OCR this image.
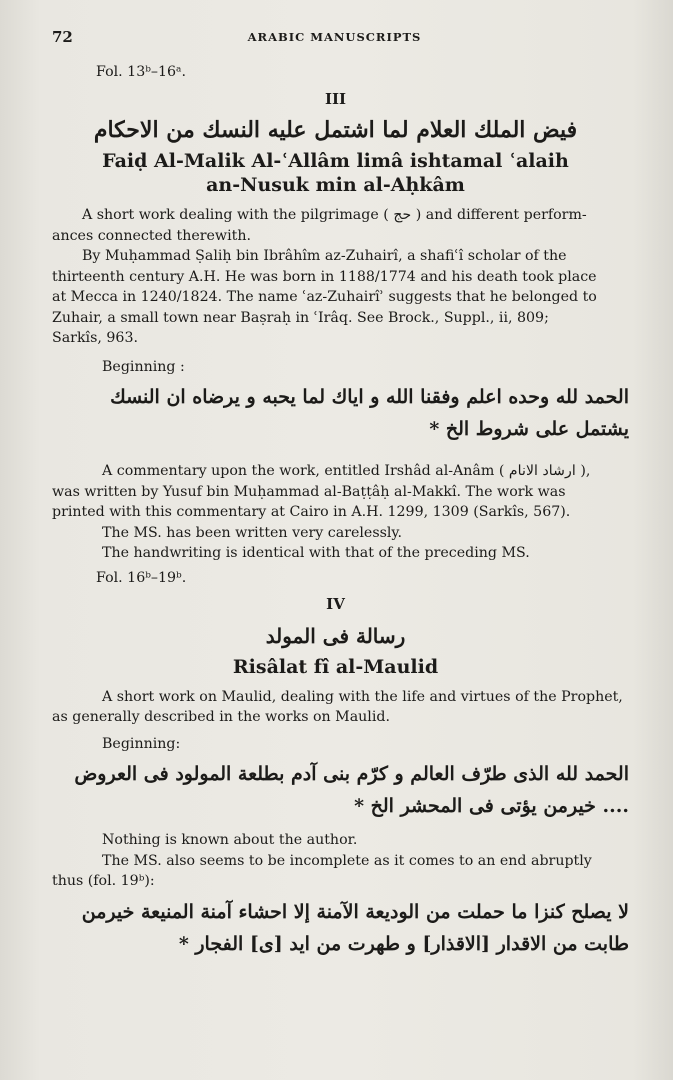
72	ARABIC MANUSCRIPTS
Fol. 13ᵇ–16ᵃ.
III
فيض الملك العلام لما اشتمل عليه النسك من الاحكام
Faiḍ Al-Malik Al-ʿAllâm limâ ishtamal ʿalaih
an-Nusuk min al-Aḥkâm
A short work dealing with the pilgrimage ( حج ) and different perform-
ances connected therewith.
By Muḥammad Ṣaliḥ bin Ibrâhîm az-Zuhairî, a shafiʿî scholar of the
thirteenth century A.H. He was born in 1188/1774 and his death took place
at Mecca in 1240/1824. The name ʿaz-Zuhairîʾ suggests that he belonged to
Zuhair, a small town near Baṣraḥ in ʿIrâq. See Brock., Suppl., ii, 809;
Sarkîs, 963.
Beginning :
الحمد لله وحده اعلم وفقنا الله و اياك لما يحبه و يرضاه ان النسك
يشتمل على شروط الخ *
A commentary upon the work, entitled Irshâd al-Anâm ( ارشاد الانام ),
was written by Yusuf bin Muḥammad al-Baṭṭâḥ al-Makkî. The work was
printed with this commentary at Cairo in A.H. 1299, 1309 (Sarkîs, 567).
The MS. has been written very carelessly.
The handwriting is identical with that of the preceding MS.
Fol. 16ᵇ–19ᵇ.
IV
رسالة فى المولد
Risâlat fî al-Maulid
A short work on Maulid, dealing with the life and virtues of the Prophet,
as generally described in the works on Maulid.
Beginning:
الحمد لله الذى طرّف العالم و كرّم بنى آدم بطلعة المولود فى العروض
.... خيرمن يؤتى فى المحشر الخ *
Nothing is known about the author.
The MS. also seems to be incomplete as it comes to an end abruptly
thus (fol. 19ᵇ):
لا يصلح كنزا ما حملت من الوديعة الآمنة إلا احشاء آمنة المنيعة خيرمن
طابت من الاقدار [الاقذار] و طهرت من ايد [ى] الفجار *
